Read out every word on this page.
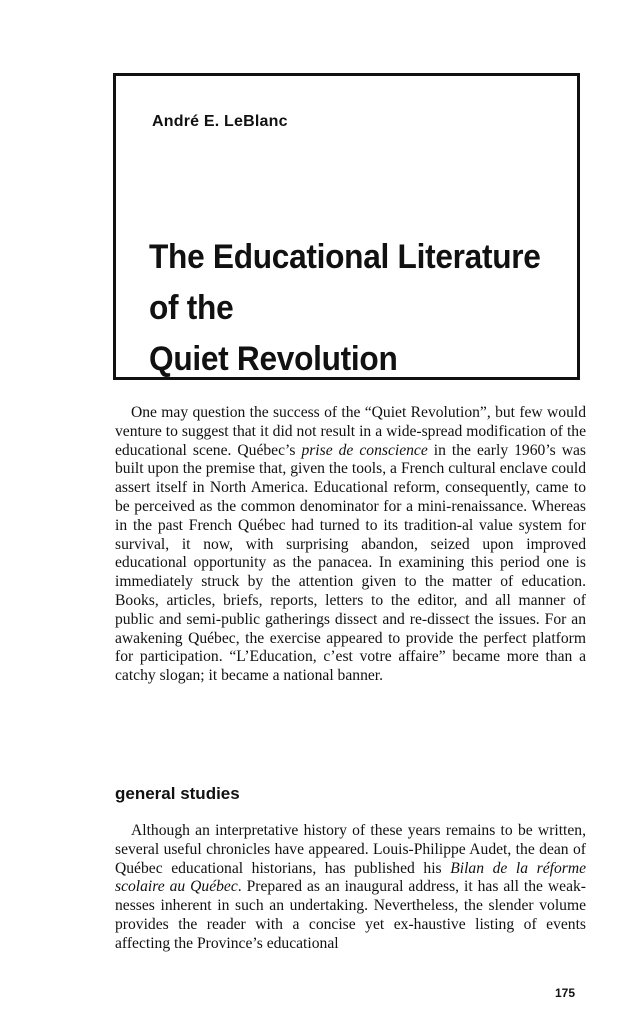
André E. LeBlanc

The Educational Literature
of the
Quiet Revolution

One may question the success of the “Quiet Revolution”, but few would venture to suggest that it did not result in a wide-spread modification of the educational scene. Québec’s prise de conscience in the early 1960’s was built upon the premise that, given the tools, a French cultural enclave could assert itself in North America. Educational reform, consequently, came to be perceived as the common denominator for a mini-renaissance. Whereas in the past French Québec had turned to its tradition-al value system for survival, it now, with surprising abandon, seized upon improved educational opportunity as the panacea. In examining this period one is immediately struck by the attention given to the matter of education. Books, articles, briefs, reports, letters to the editor, and all manner of public and semi-public gatherings dissect and re-dissect the issues. For an awakening Québec, the exercise appeared to provide the perfect platform for participation. “L’Education, c’est votre affaire” became more than a catchy slogan; it became a national banner.

general studies

Although an interpretative history of these years remains to be written, several useful chronicles have appeared. Louis-Philippe Audet, the dean of Québec educational historians, has published his Bilan de la réforme scolaire au Québec. Prepared as an inaugural address, it has all the weak-nesses inherent in such an undertaking. Nevertheless, the slender volume provides the reader with a concise yet ex-haustive listing of events affecting the Province’s educational

175
